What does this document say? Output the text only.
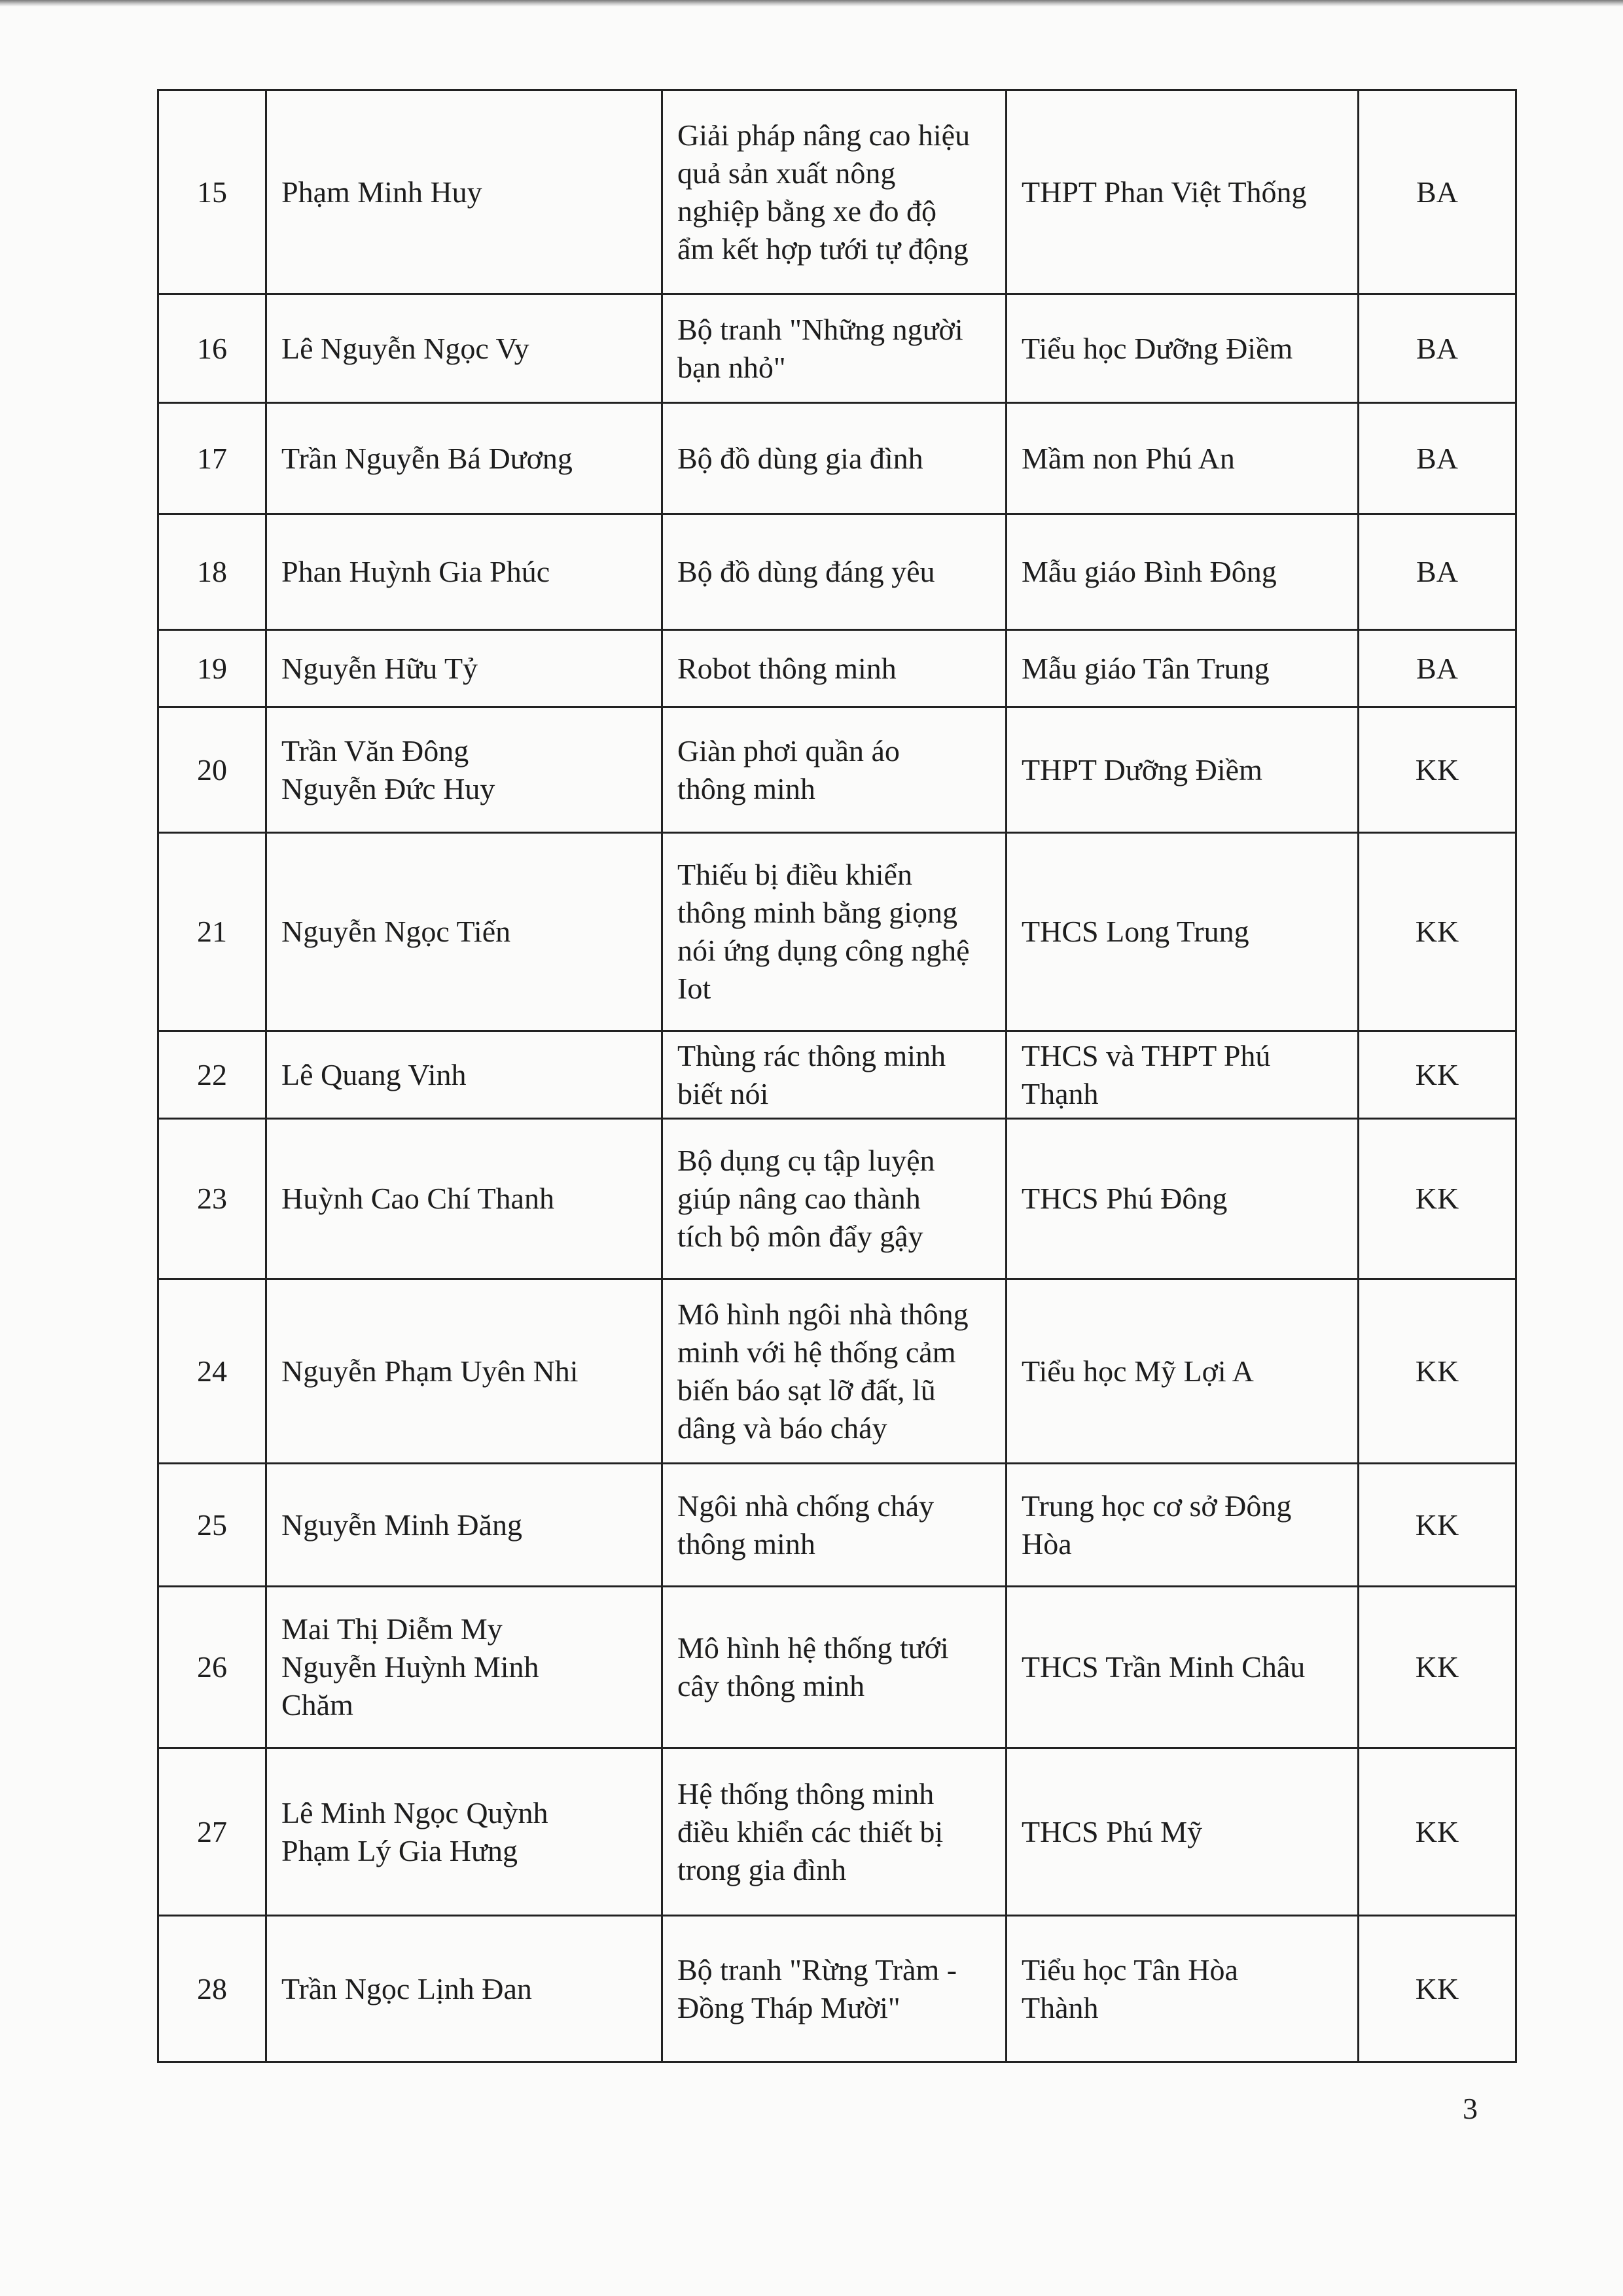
15	Phạm Minh Huy	Giải pháp nâng cao hiệu
quả sản xuất nông
nghiệp bằng xe đo độ
ẩm kết hợp tưới tự động	THPT Phan Việt Thống	BA
16	Lê Nguyễn Ngọc Vy	Bộ tranh "Những người
bạn nhỏ"	Tiểu học Dưỡng Điềm	BA
17	Trần Nguyễn Bá Dương	Bộ đồ dùng gia đình	Mầm non Phú An	BA
18	Phan Huỳnh Gia Phúc	Bộ đồ dùng đáng yêu	Mẫu giáo Bình Đông	BA
19	Nguyễn Hữu Tỷ	Robot thông minh	Mẫu giáo Tân Trung	BA
20	Trần Văn Đông
Nguyễn Đức Huy	Giàn phơi quần áo
thông minh	THPT Dưỡng Điềm	KK
21	Nguyễn Ngọc Tiến	Thiếu bị điều khiển
thông minh bằng giọng
nói ứng dụng công nghệ
Iot	THCS Long Trung	KK
22	Lê Quang Vinh	Thùng rác thông minh
biết nói	THCS và THPT Phú
Thạnh	KK
23	Huỳnh Cao Chí Thanh	Bộ dụng cụ tập luyện
giúp nâng cao thành
tích bộ môn đẩy gậy	THCS Phú Đông	KK
24	Nguyễn Phạm Uyên Nhi	Mô hình ngôi nhà thông
minh với hệ thống cảm
biến báo sạt lỡ đất, lũ
dâng và báo cháy	Tiểu học Mỹ Lợi A	KK
25	Nguyễn Minh Đăng	Ngôi nhà chống cháy
thông minh	Trung học cơ sở Đông
Hòa	KK
26	Mai Thị Diễm My
Nguyễn Huỳnh Minh
Chăm	Mô hình hệ thống tưới
cây thông minh	THCS Trần Minh Châu	KK
27	Lê Minh Ngọc Quỳnh
Phạm Lý Gia Hưng	Hệ thống thông minh
điều khiển các thiết bị
trong gia đình	THCS Phú Mỹ	KK
28	Trần Ngọc Lịnh Đan	Bộ tranh "Rừng Tràm -
Đồng Tháp Mười"	Tiểu học Tân Hòa
Thành	KK
3
